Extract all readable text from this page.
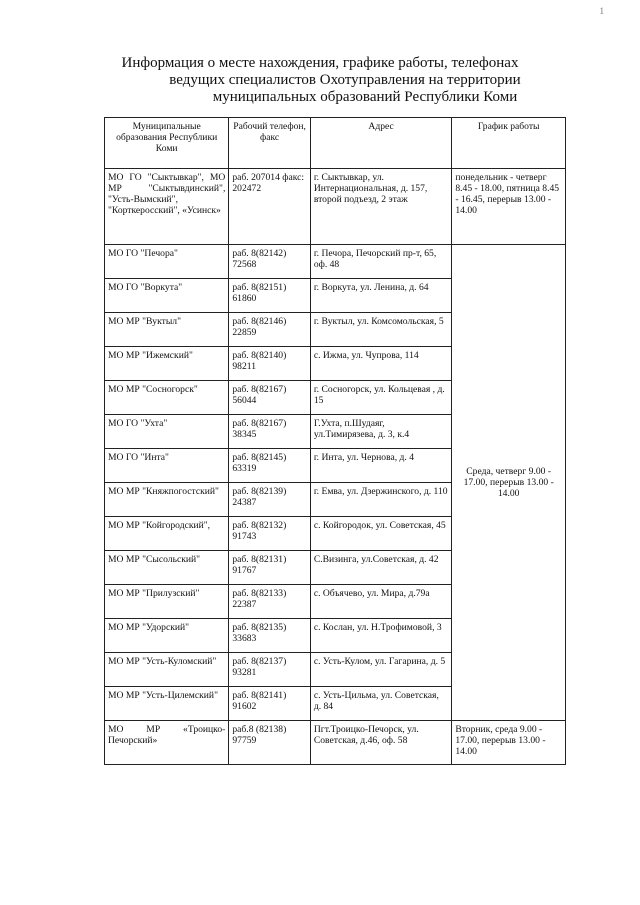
1
Информация о месте нахождения, графике работы, телефонах
ведущих специалистов Охотуправления на территории
муниципальных образований Республики Коми
Муниципальные образования Республики Коми	Рабочий телефон, факс	Адрес	График работы
МО ГО "Сыктывкар", МО МР "Сыктывдинский", "Усть-Вымский", "Корткеросский", «Усинск»	раб. 207014 факс: 202472	г. Сыктывкар, ул. Интернациональная, д. 157, второй подъезд, 2 этаж	понедельник - четверг 8.45 - 18.00, пятница 8.45 - 16.45, перерыв 13.00 - 14.00
МО ГО "Печора"	раб. 8(82142) 72568	г. Печора, Печорский пр-т, 65, оф. 48	Среда, четверг 9.00 - 17.00, перерыв 13.00 - 14.00
МО ГО "Воркута"	раб. 8(82151) 61860	г. Воркута, ул. Ленина, д. 64	
МО МР "Вуктыл"	раб. 8(82146) 22859	г. Вуктыл, ул. Комсомольская, 5	
МО МР "Ижемский"	раб. 8(82140) 98211	с. Ижма, ул. Чупрова, 114	
МО МР "Сосногорск"	раб. 8(82167) 56044	г. Сосногорск, ул. Кольцевая , д. 15	
МО ГО "Ухта"	раб. 8(82167) 38345	Г.Ухта, п.Шудаяг, ул.Тимирязева, д. 3, к.4	
МО ГО "Инта"	раб. 8(82145) 63319	г. Инта, ул. Чернова, д. 4	
МО МР "Княжпогостский"	раб. 8(82139) 24387	г. Емва, ул. Дзержинского, д. 110	
МО МР "Койгородский",	раб. 8(82132) 91743	с. Койгородок, ул. Советская, 45	
МО МР "Сысольский"	раб. 8(82131) 91767	С.Визинга, ул.Советская, д. 42	
МО МР "Прилузский"	раб. 8(82133) 22387	с. Объячево, ул. Мира, д.79а	
МО МР "Удорский"	раб. 8(82135) 33683	с. Кослан, ул. Н.Трофимовой, 3	
МО МР "Усть-Куломский"	раб. 8(82137) 93281	с. Усть-Кулом, ул. Гагарина, д. 5	
МО МР "Усть-Цилемский"	раб. 8(82141) 91602	с. Усть-Цильма, ул. Советская, д. 84	
МО МР «Троицко-Печорский»	раб.8 (82138) 97759	Пгт.Троицко-Печорск, ул. Советская, д.46, оф. 58	Вторник, среда 9.00 - 17.00, перерыв 13.00 - 14.00
